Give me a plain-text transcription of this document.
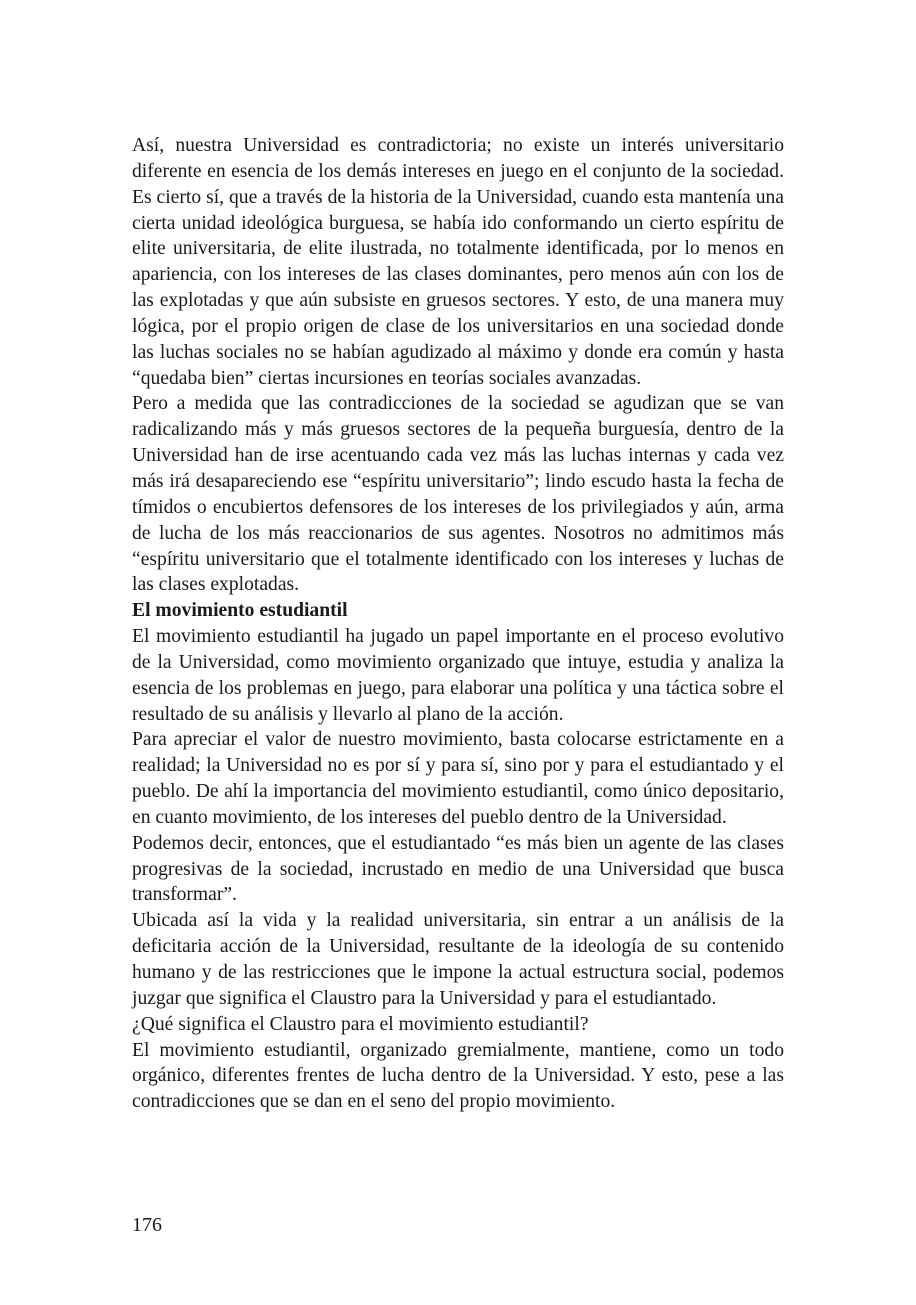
Así, nuestra Universidad es contradictoria; no existe un interés universitario diferente en esencia de los demás intereses en juego en el conjunto de la sociedad. Es cierto sí, que a través de la historia de la Universidad, cuando esta mantenía una cierta unidad ideológica burguesa, se había ido conformando un cierto espíritu de elite universitaria, de elite ilustrada, no totalmente identificada, por lo menos en apariencia, con los intereses de las clases dominantes, pero menos aún con los de las explotadas y que aún subsiste en gruesos sectores. Y esto, de una manera muy lógica, por el propio origen de clase de los universitarios en una sociedad donde las luchas sociales no se habían agudizado al máximo y donde era común y hasta “quedaba bien” ciertas incursiones en teorías sociales avanzadas.

Pero a medida que las contradicciones de la sociedad se agudizan que se van radicalizando más y más gruesos sectores de la pequeña burguesía, dentro de la Universidad han de irse acentuando cada vez más las luchas internas y cada vez más irá desapareciendo ese “espíritu universitario”; lindo escudo hasta la fecha de tímidos o encubiertos defensores de los intereses de los privilegiados y aún, arma de lucha de los más reaccionarios de sus agentes. Nosotros no admitimos más “espíritu universitario que el totalmente identificado con los intereses y luchas de las clases explotadas.

El movimiento estudiantil

El movimiento estudiantil ha jugado un papel importante en el proceso evolutivo de la Universidad, como movimiento organizado que intuye, estudia y analiza la esencia de los problemas en juego, para elaborar una política y una táctica sobre el resultado de su análisis y llevarlo al plano de la acción.

Para apreciar el valor de nuestro movimiento, basta colocarse estrictamente en a realidad; la Universidad no es por sí y para sí, sino por y para el estudiantado y el pueblo. De ahí la importancia del movimiento estudiantil, como único depositario, en cuanto movimiento, de los intereses del pueblo dentro de la Universidad.

Podemos decir, entonces, que el estudiantado “es más bien un agente de las clases progresivas de la sociedad, incrustado en medio de una Universidad que busca transformar”.

Ubicada así la vida y la realidad universitaria, sin entrar a un análisis de la deficitaria acción de la Universidad, resultante de la ideología de su contenido humano y de las restricciones que le impone la actual estructura social, podemos juzgar que significa el Claustro para la Universidad y para el estudiantado.

¿Qué significa el Claustro para el movimiento estudiantil?

El movimiento estudiantil, organizado gremialmente, mantiene, como un todo orgánico, diferentes frentes de lucha dentro de la Universidad. Y esto, pese a las contradicciones que se dan en el seno del propio movimiento.

176
